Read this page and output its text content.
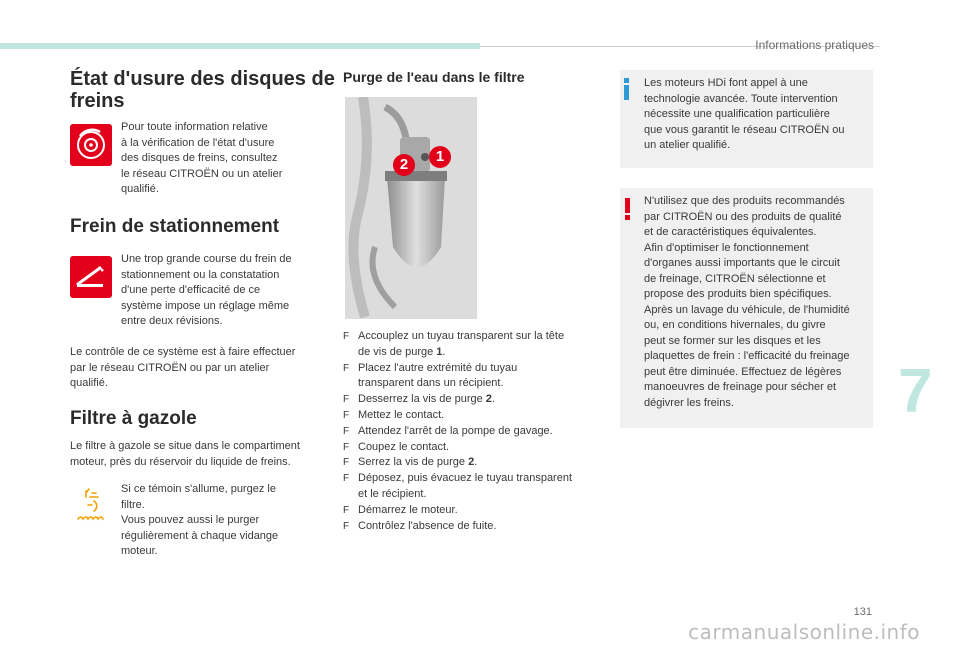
Informations pratiques
État d'usure des disques de
freins
Pour toute information relative
à la vérification de l'état d'usure
des disques de freins, consultez
le réseau CITROËN ou un atelier
qualifié.
Frein de stationnement
Une trop grande course du frein de
stationnement ou la constatation
d'une perte d'efficacité de ce
système impose un réglage même
entre deux révisions.
Le contrôle de ce système est à faire effectuer
par le réseau CITROËN ou par un atelier
qualifié.
Filtre à gazole
Le filtre à gazole se situe dans le compartiment
moteur, près du réservoir du liquide de freins.
Si ce témoin s'allume, purgez le
filtre.
Vous pouvez aussi le purger
régulièrement à chaque vidange
moteur.
Purge de l'eau dans le filtre
2	1
F Accouplez un tuyau transparent sur la tête
de vis de purge 1.
F Placez l'autre extrémité du tuyau
transparent dans un récipient.
F Desserrez la vis de purge 2.
F Mettez le contact.
F Attendez l'arrêt de la pompe de gavage.
F Coupez le contact.
F Serrez la vis de purge 2.
F Déposez, puis évacuez le tuyau transparent
et le récipient.
F Démarrez le moteur.
F Contrôlez l'absence de fuite.
Les moteurs HDi font appel à une
technologie avancée. Toute intervention
nécessite une qualification particulière
que vous garantit le réseau CITROËN ou
un atelier qualifié.
N'utilisez que des produits recommandés
par CITROËN ou des produits de qualité
et de caractéristiques équivalentes.
Afin d'optimiser le fonctionnement
d'organes aussi importants que le circuit
de freinage, CITROËN sélectionne et
propose des produits bien spécifiques.
Après un lavage du véhicule, de l'humidité
ou, en conditions hivernales, du givre
peut se former sur les disques et les
plaquettes de frein : l'efficacité du freinage
peut être diminuée. Effectuez de légères
manoeuvres de freinage pour sécher et
dégivrer les freins.	7
131
carmanualsonline.info
